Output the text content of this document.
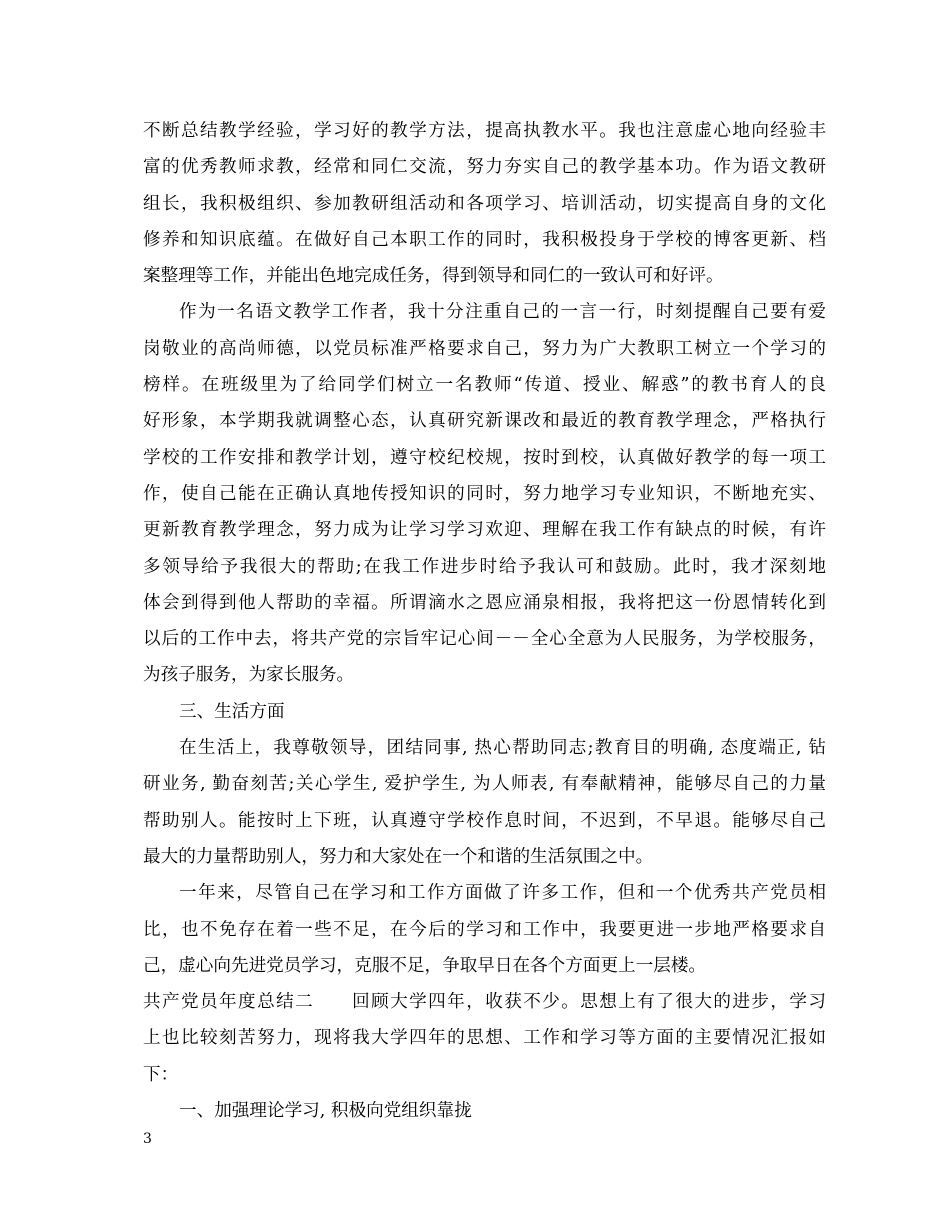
不断总结教学经验，学习好的教学方法，提高执教水平。我也注意虚心地向经验丰
富的优秀教师求教，经常和同仁交流，努力夯实自己的教学基本功。作为语文教研
组长，我积极组织、参加教研组活动和各项学习、培训活动，切实提高自身的文化
修养和知识底蕴。在做好自己本职工作的同时，我积极投身于学校的博客更新、档
案整理等工作，并能出色地完成任务，得到领导和同仁的一致认可和好评。
作为一名语文教学工作者，我十分注重自己的一言一行，时刻提醒自己要有爱
岗敬业的高尚师德，以党员标准严格要求自己，努力为广大教职工树立一个学习的
榜样。在班级里为了给同学们树立一名教师“传道、授业、解惑”的教书育人的良
好形象，本学期我就调整心态，认真研究新课改和最近的教育教学理念，严格执行
学校的工作安排和教学计划，遵守校纪校规，按时到校，认真做好教学的每一项工
作，使自己能在正确认真地传授知识的同时，努力地学习专业知识，不断地充实、
更新教育教学理念，努力成为让学习学习欢迎、理解在我工作有缺点的时候，有许
多领导给予我很大的帮助;在我工作进步时给予我认可和鼓励。此时，我才深刻地
体会到得到他人帮助的幸福。所谓滴水之恩应涌泉相报，我将把这一份恩情转化到
以后的工作中去，将共产党的宗旨牢记心间－－全心全意为人民服务，为学校服务，
为孩子服务，为家长服务。
三、生活方面
在生活上，我尊敬领导，团结同事, 热心帮助同志;教育目的明确, 态度端正, 钻
研业务, 勤奋刻苦;关心学生, 爱护学生, 为人师表, 有奉献精神，能够尽自己的力量
帮助别人。能按时上下班，认真遵守学校作息时间，不迟到，不早退。能够尽自己
最大的力量帮助别人，努力和大家处在一个和谐的生活氛围之中。
一年来，尽管自己在学习和工作方面做了许多工作，但和一个优秀共产党员相
比，也不免存在着一些不足，在今后的学习和工作中，我要更进一步地严格要求自
己，虚心向先进党员学习，克服不足，争取早日在各个方面更上一层楼。
共产党员年度总结二　　回顾大学四年，收获不少。思想上有了很大的进步，学习
上也比较刻苦努力，现将我大学四年的思想、工作和学习等方面的主要情况汇报如
下：
一、加强理论学习, 积极向党组织靠拢
3
